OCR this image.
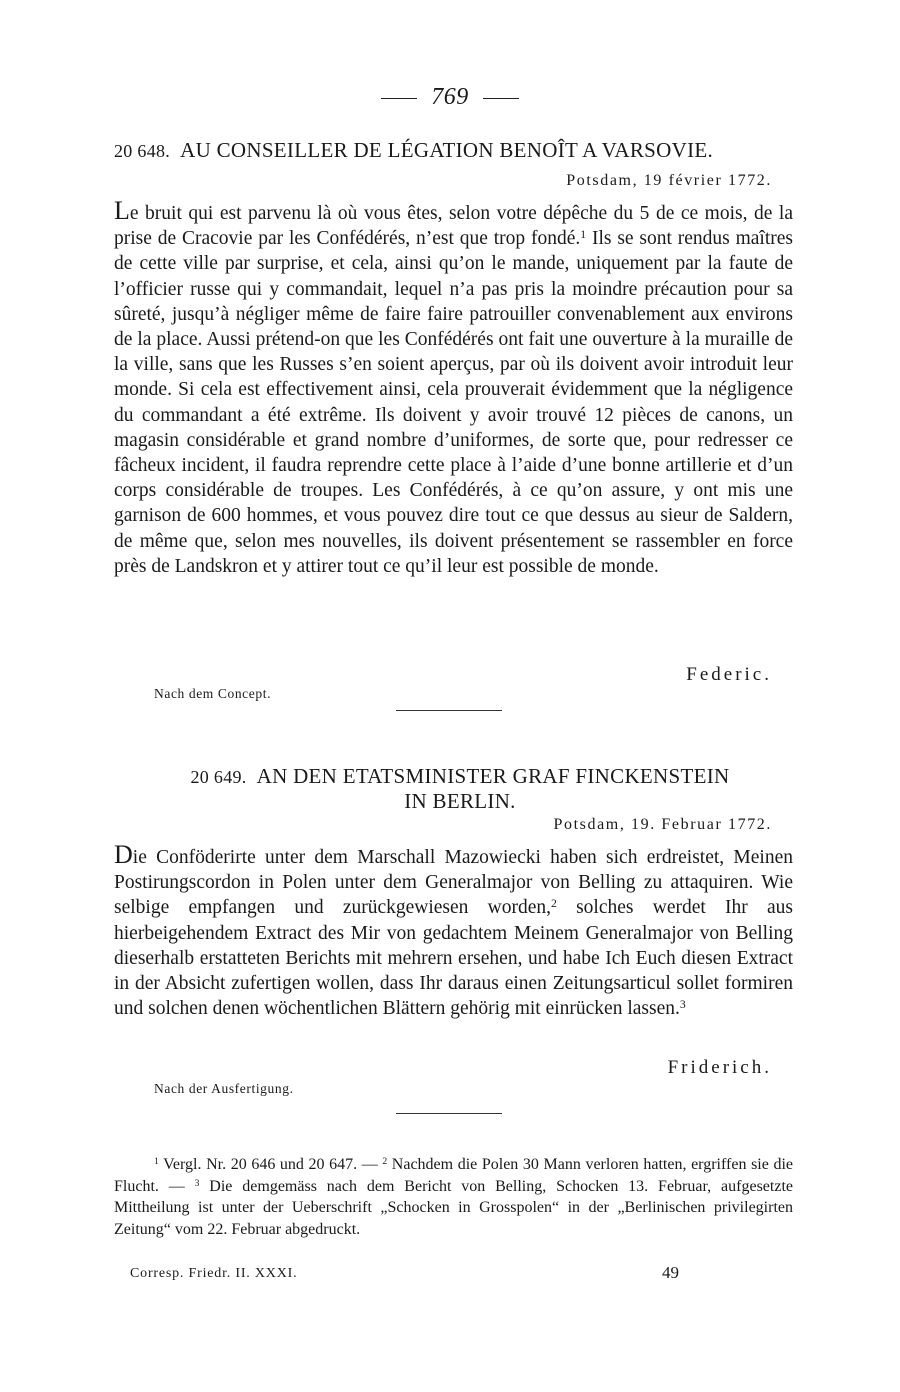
769
20 648. AU CONSEILLER DE LÉGATION BENOÎT A VARSOVIE.
Potsdam, 19 février 1772.
Le bruit qui est parvenu là où vous êtes, selon votre dépêche du 5 de ce mois, de la prise de Cracovie par les Confédérés, n’est que trop fondé.$^1$ Ils se sont rendus maîtres de cette ville par surprise, et cela, ainsi qu’on le mande, uniquement par la faute de l’officier russe qui y commandait, lequel n’a pas pris la moindre précaution pour sa sûreté, jusqu’à négliger même de faire faire patrouiller convenablement aux environs de la place. Aussi prétend-on que les Confédérés ont fait une ouverture à la muraille de la ville, sans que les Russes s’en soient aperçus, par où ils doivent avoir introduit leur monde. Si cela est effectivement ainsi, cela prouverait évidemment que la négligence du commandant a été extrême. Ils doivent y avoir trouvé 12 pièces de canons, un magasin considérable et grand nombre d’uniformes, de sorte que, pour redresser ce fâcheux incident, il faudra reprendre cette place à l’aide d’une bonne artillerie et d’un corps considérable de troupes. Les Confédérés, à ce qu’on assure, y ont mis une garnison de 600 hommes, et vous pouvez dire tout ce que dessus au sieur de Saldern, de même que, selon mes nouvelles, ils doivent présentement se rassembler en force près de Landskron et y attirer tout ce qu’il leur est possible de monde.
Federic.
Nach dem Concept.
20 649. AN DEN ETATSMINISTER GRAF FINCKENSTEIN
IN BERLIN.
Potsdam, 19. Februar 1772.
Die Conföderirte unter dem Marschall Mazowiecki haben sich erdreistet, Meinen Postirungscordon in Polen unter dem Generalmajor von Belling zu attaquiren. Wie selbige empfangen und zurückgewiesen worden,$^2$ solches werdet Ihr aus hierbeigehendem Extract des Mir von gedachtem Meinem Generalmajor von Belling dieserhalb erstatteten Berichts mit mehrern ersehen, und habe Ich Euch diesen Extract in der Absicht zufertigen wollen, dass Ihr daraus einen Zeitungsarticul sollet formiren und solchen denen wöchentlichen Blättern gehörig mit einrücken lassen.$^3$
Friderich.
Nach der Ausfertigung.
$^1$ Vergl. Nr. 20 646 und 20 647. — $^2$ Nachdem die Polen 30 Mann verloren hatten, ergriffen sie die Flucht. — $^3$ Die demgemäss nach dem Bericht von Belling, Schocken 13. Februar, aufgesetzte Mittheilung ist unter der Ueberschrift „Schocken in Grosspolen“ in der „Berlinischen privilegirten Zeitung“ vom 22. Februar abgedruckt.
Corresp. Friedr. II. XXXI.	49
